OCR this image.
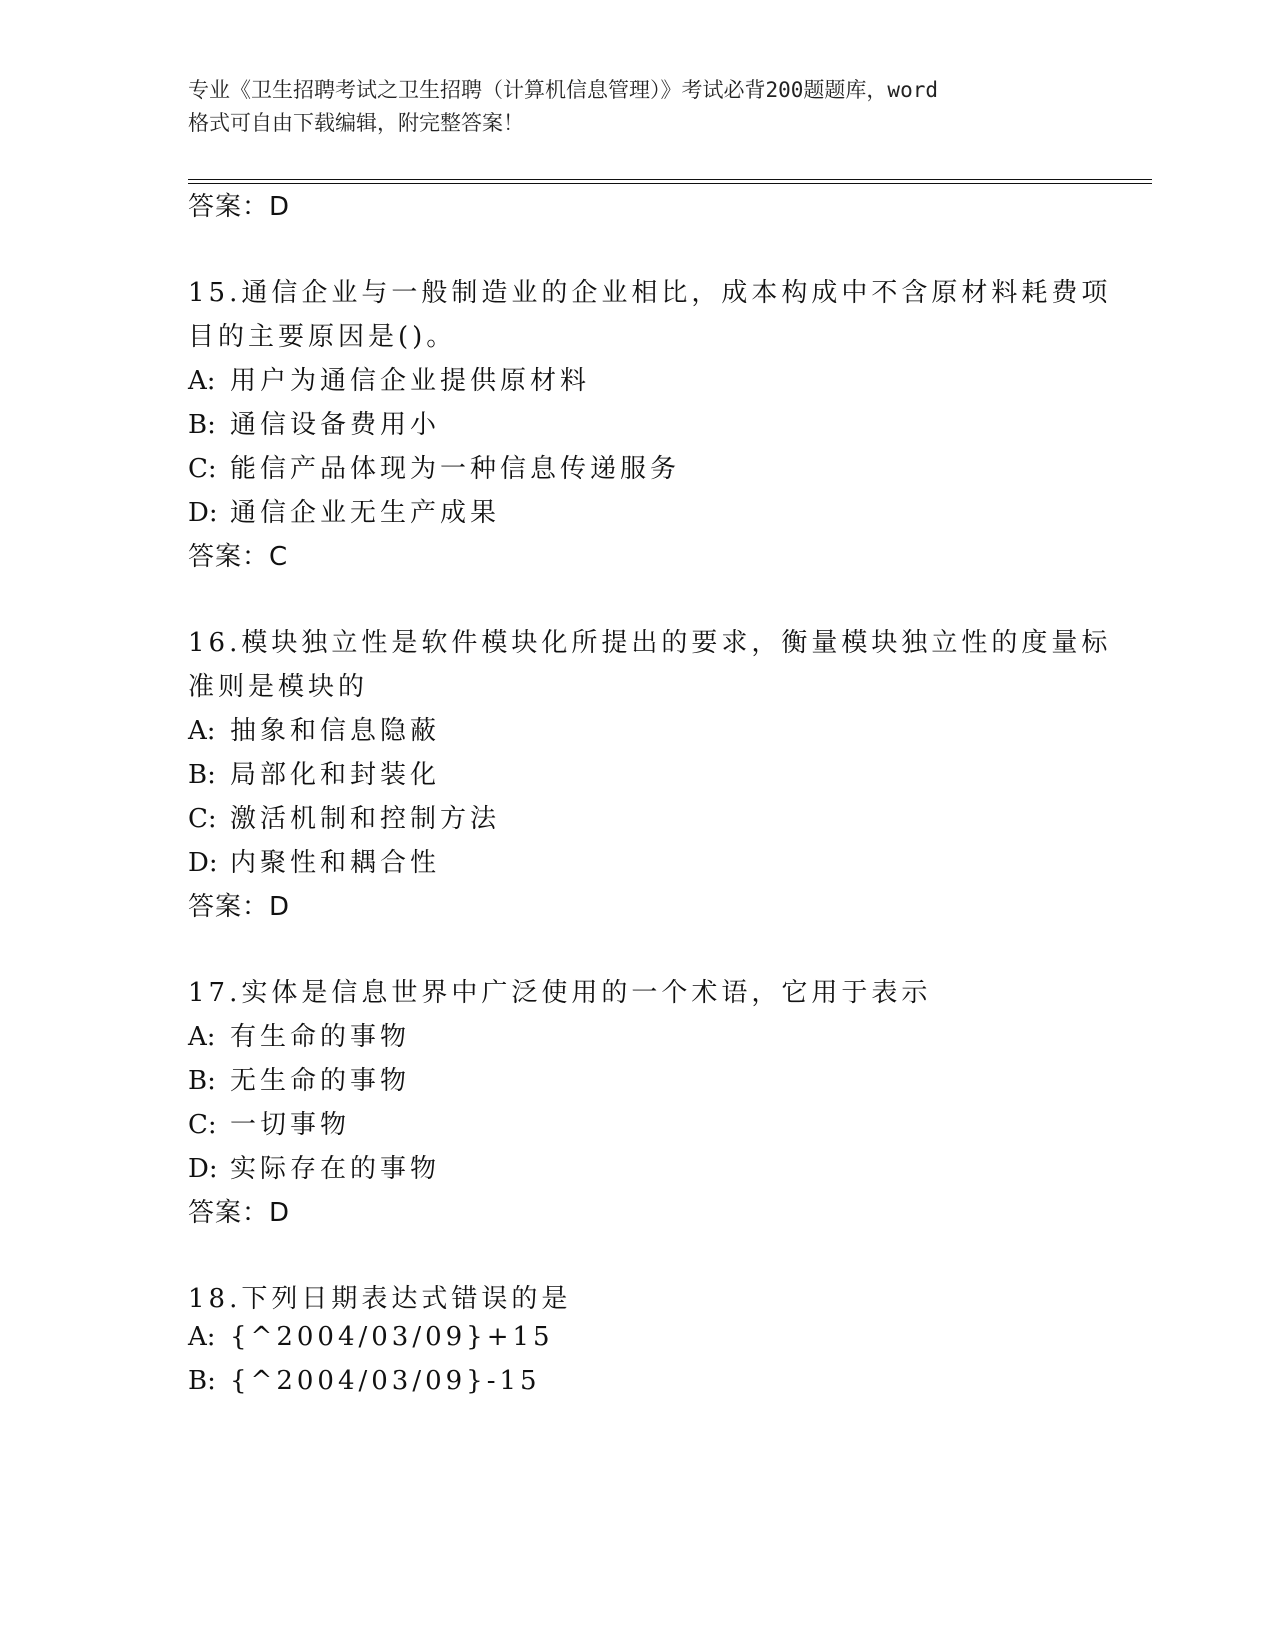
专业《卫生招聘考试之卫生招聘（计算机信息管理）》考试必背200题题库，word
格式可自由下载编辑，附完整答案！
答案：D
15.通信企业与一般制造业的企业相比，成本构成中不含原材料耗费项
目的主要原因是()。
A: 用户为通信企业提供原材料
B: 通信设备费用小
C: 能信产品体现为一种信息传递服务
D: 通信企业无生产成果
答案：C
16.模块独立性是软件模块化所提出的要求，衡量模块独立性的度量标
准则是模块的
A: 抽象和信息隐蔽
B: 局部化和封装化
C: 激活机制和控制方法
D: 内聚性和耦合性
答案：D
17.实体是信息世界中广泛使用的一个术语，它用于表示
A: 有生命的事物
B: 无生命的事物
C: 一切事物
D: 实际存在的事物
答案：D
18.下列日期表达式错误的是
A: {^2004/03/09}+15
B: {^2004/03/09}-15
